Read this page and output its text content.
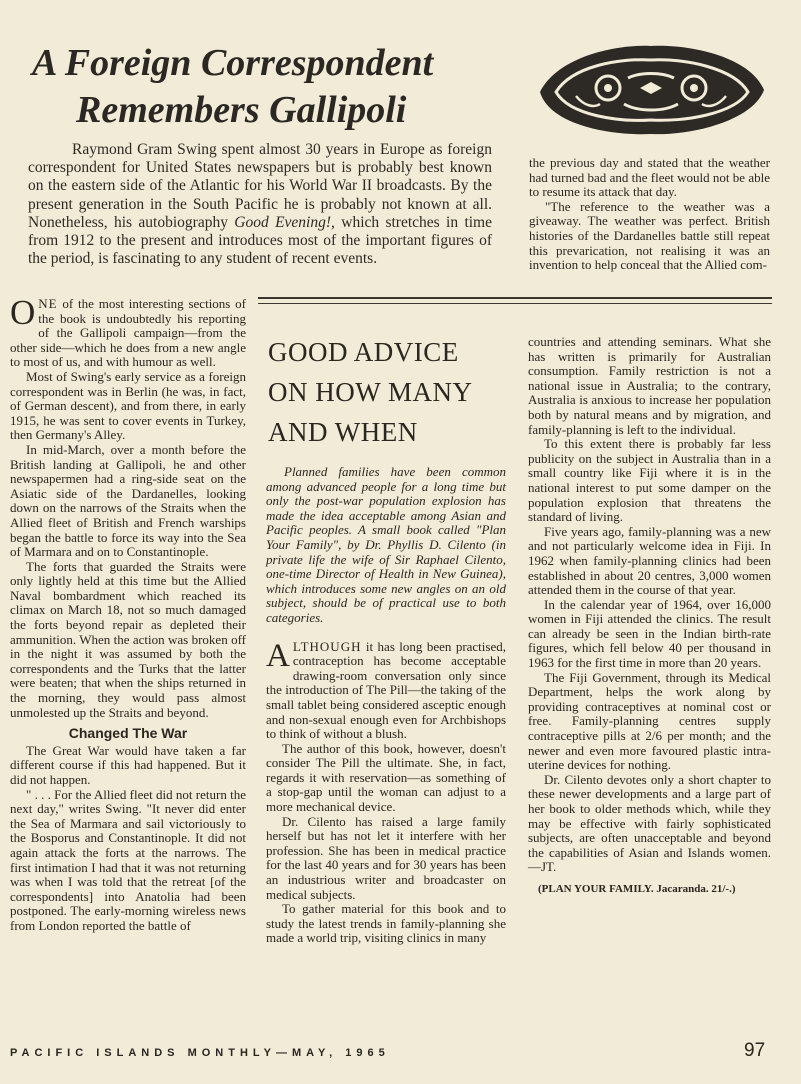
A Foreign Correspondent
Remembers Gallipoli

Raymond Gram Swing spent almost 30 years in Europe as foreign correspondent for United States newspapers but is probably best known on the eastern side of the Atlantic for his World War II broadcasts. By the present generation in the South Pacific he is probably not known at all. Nonetheless, his autobiography Good Evening!, which stretches in time from 1912 to the present and introduces most of the important figures of the period, is fascinating to any student of recent events.

the previous day and stated that the weather had turned bad and the fleet would not be able to resume its attack that day.

"The reference to the weather was a giveaway. The weather was perfect. British histories of the Dardanelles battle still repeat this prevarication, not realising it was an invention to help conceal that the Allied com-

ONE of the most interesting sections of the book is undoubtedly his reporting of the Gallipoli campaign—from the other side—which he does from a new angle to most of us, and with humour as well.

Most of Swing's early service as a foreign correspondent was in Berlin (he was, in fact, of German descent), and from there, in early 1915, he was sent to cover events in Turkey, then Germany's Alley.

In mid-March, over a month before the British landing at Gallipoli, he and other newspapermen had a ring-side seat on the Asiatic side of the Dardanelles, looking down on the narrows of the Straits when the Allied fleet of British and French warships began the battle to force its way into the Sea of Marmara and on to Constantinople.

The forts that guarded the Straits were only lightly held at this time but the Allied Naval bombardment which reached its climax on March 18, not so much damaged the forts beyond repair as depleted their ammunition. When the action was broken off in the night it was assumed by both the correspondents and the Turks that the latter were beaten; that when the ships returned in the morning, they would pass almost unmolested up the Straits and beyond.

Changed The War

The Great War would have taken a far different course if this had happened. But it did not happen.

" . . . For the Allied fleet did not return the next day," writes Swing. "It never did enter the Sea of Marmara and sail victoriously to the Bosporus and Constantinople. It did not again attack the forts at the narrows. The first intimation I had that it was not returning was when I was told that the retreat [of the correspondents] into Anatolia had been postponed. The early-morning wireless news from London reported the battle of

GOOD ADVICE
ON HOW MANY
AND WHEN

Planned families have been common among advanced people for a long time but only the post-war population explosion has made the idea acceptable among Asian and Pacific peoples. A small book called "Plan Your Family", by Dr. Phyllis D. Cilento (in private life the wife of Sir Raphael Cilento, one-time Director of Health in New Guinea), which introduces some new angles on an old subject, should be of practical use to both categories.

ALTHOUGH it has long been practised, contraception has become acceptable drawing-room conversation only since the introduction of The Pill—the taking of the small tablet being considered asceptic enough and non-sexual enough even for Archbishops to think of without a blush.

The author of this book, however, doesn't consider The Pill the ultimate. She, in fact, regards it with reservation—as something of a stop-gap until the woman can adjust to a more mechanical device.

Dr. Cilento has raised a large family herself but has not let it interfere with her profession. She has been in medical practice for the last 40 years and for 30 years has been an industrious writer and broadcaster on medical subjects.

To gather material for this book and to study the latest trends in family-planning she made a world trip, visiting clinics in many

countries and attending seminars. What she has written is primarily for Australian consumption. Family restriction is not a national issue in Australia; to the contrary, Australia is anxious to increase her population both by natural means and by migration, and family-planning is left to the individual.

To this extent there is probably far less publicity on the subject in Australia than in a small country like Fiji where it is in the national interest to put some damper on the population explosion that threatens the standard of living.

Five years ago, family-planning was a new and not particularly welcome idea in Fiji. In 1962 when family-planning clinics had been established in about 20 centres, 3,000 women attended them in the course of that year.

In the calendar year of 1964, over 16,000 women in Fiji attended the clinics. The result can already be seen in the Indian birth-rate figures, which fell below 40 per thousand in 1963 for the first time in more than 20 years.

The Fiji Government, through its Medical Department, helps the work along by providing contraceptives at nominal cost or free. Family-planning centres supply contraceptive pills at 2/6 per month; and the newer and even more favoured plastic intra-uterine devices for nothing.

Dr. Cilento devotes only a short chapter to these newer developments and a large part of her book to older methods which, while they may be effective with fairly sophisticated subjects, are often unacceptable and beyond the capabilities of Asian and Islands women.—JT.

(PLAN YOUR FAMILY. Jacaranda. 21/-.)
PACIFIC ISLANDS MONTHLY—MAY, 1965	97
